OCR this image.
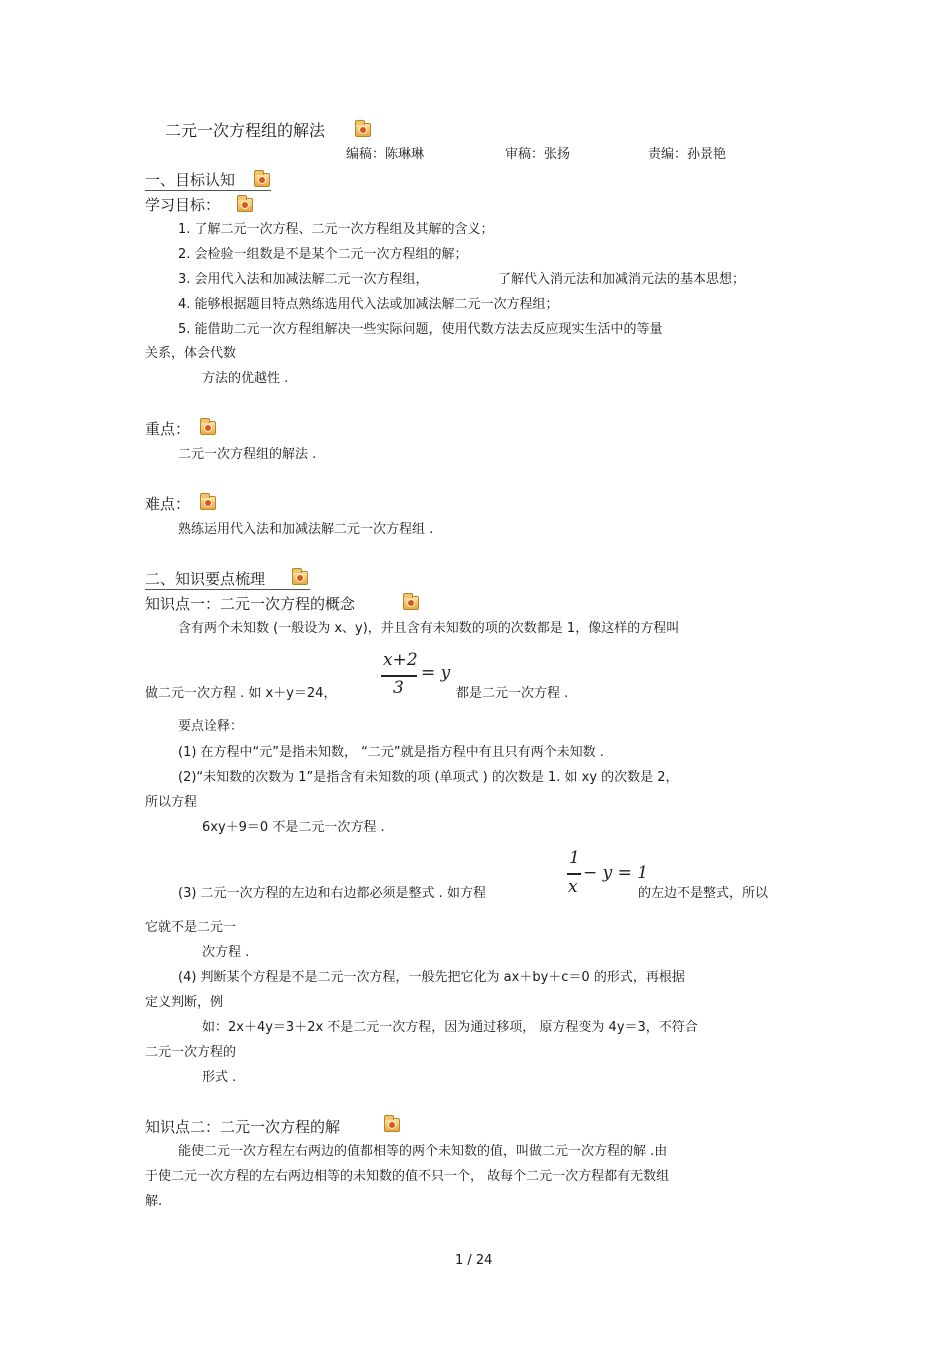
二元一次方程组的解法
编稿：陈琳琳	审稿：张扬	责编：孙景艳
一、目标认知
学习目标：
1. 了解二元一次方程、二元一次方程组及其解的含义；
2. 会检验一组数是不是某个二元一次方程组的解；
3. 会用代入法和加减法解二元一次方程组，	了解代入消元法和加减消元法的基本思想；
4. 能够根据题目特点熟练选用代入法或加减法解二元一次方程组；
5. 能借助二元一次方程组解决一些实际问题，使用代数方法去反应现实生活中的等量
关系，体会代数
方法的优越性 .
重点：
二元一次方程组的解法 .
难点：
熟练运用代入法和加减法解二元一次方程组 .
二、知识要点梳理
知识点一：二元一次方程的概念
含有两个未知数 (一般设为 x、y)，并且含有未知数的项的次数都是 1，像这样的方程叫
做二元一次方程 . 如 x＋y＝24，
x+2
3
= y
都是二元一次方程 .
要点诠释：
(1) 在方程中“元”是指未知数， “二元”就是指方程中有且只有两个未知数 .
(2)“未知数的次数为 1”是指含有未知数的项 (单项式 ) 的次数是 1. 如 xy 的次数是 2，
所以方程
6xy＋9＝0 不是二元一次方程 .
(3) 二元一次方程的左边和右边都必须是整式 . 如方程
1
x
− y = 1
的左边不是整式，所以
它就不是二元一
次方程 .
(4) 判断某个方程是不是二元一次方程，一般先把它化为 ax＋by＋c＝0 的形式，再根据
定义判断，例
如：2x＋4y＝3＋2x 不是二元一次方程，因为通过移项， 原方程变为 4y＝3，不符合
二元一次方程的
形式 .
知识点二：二元一次方程的解
能使二元一次方程左右两边的值都相等的两个未知数的值，叫做二元一次方程的解 .由
于使二元一次方程的左右两边相等的未知数的值不只一个， 故每个二元一次方程都有无数组
解.
1 / 24
